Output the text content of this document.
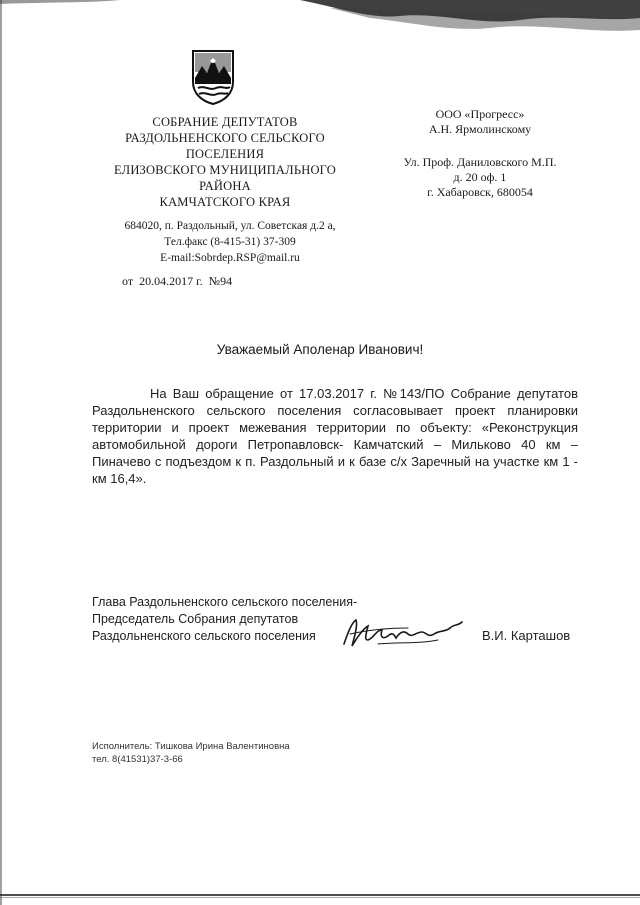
СОБРАНИЕ ДЕПУТАТОВ
РАЗДОЛЬНЕНСКОГО СЕЛЬСКОГО
ПОСЕЛЕНИЯ
ЕЛИЗОВСКОГО МУНИЦИПАЛЬНОГО
РАЙОНА
КАМЧАТСКОГО КРАЯ
684020, п. Раздольный, ул. Советская д.2 а,
Тел.факс (8-415-31) 37-309
E-mail:Sobrdep.RSP@mail.ru
от 20.04.2017 г. №94
ООО «Прогресс»
А.Н. Ярмолинскому
Ул. Проф. Даниловского М.П.
д. 20 оф. 1
г. Хабаровск, 680054
Уважаемый Аполенар Иванович!

На Ваш обращение от 17.03.2017 г. №143/ПО Собрание депутатов Раздольненского сельского поселения согласовывает проект планировки территории и проект межевания территории по объекту: «Реконструкция автомобильной дороги Петропавловск- Камчатский – Мильково 40 км – Пиначево с подъездом к п. Раздольный и к базе с/х Заречный на участке км 1 - км 16,4».

Глава Раздольненского сельского поселения-
Председатель Собрания депутатов
Раздольненского сельского поселения	В.И. Карташов
Исполнитель: Тишкова Ирина Валентиновна
тел. 8(41531)37-3-66
